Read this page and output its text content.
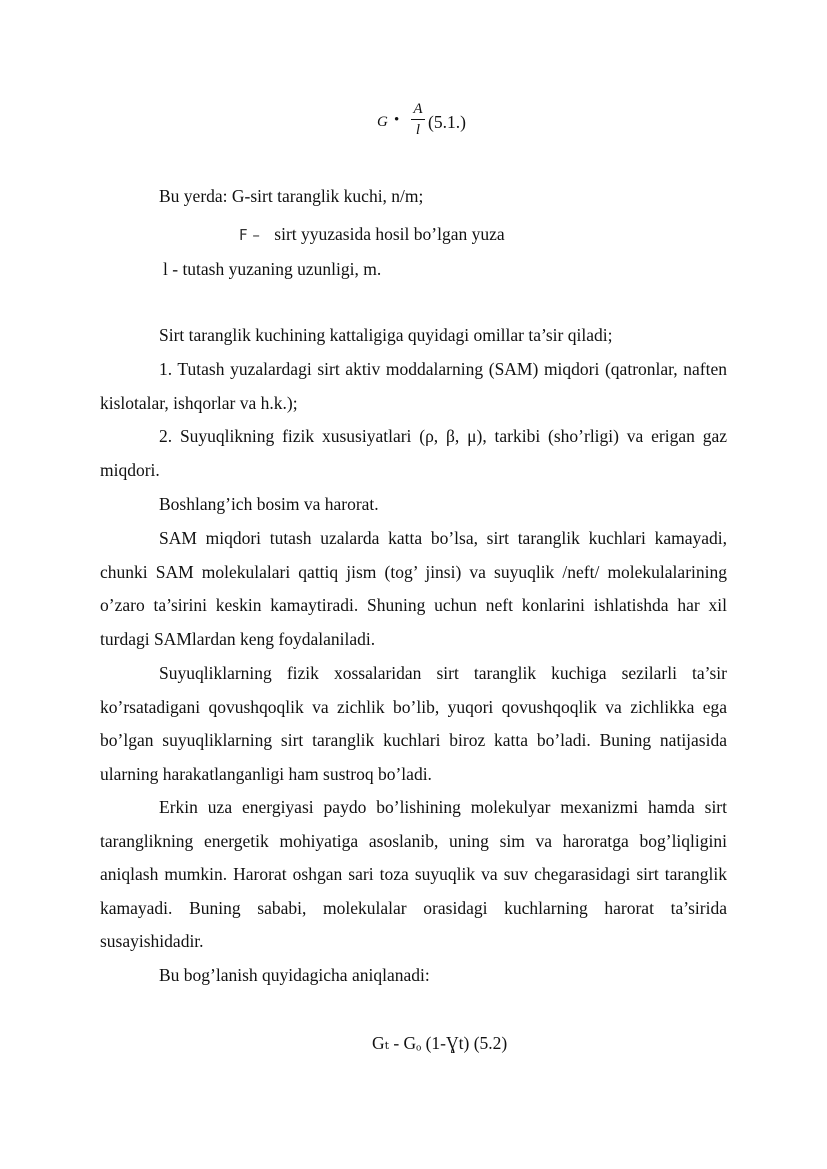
G •
A
l (5.1.)
Bu yerda: G-sirt taranglik kuchi, n/m;
F – sirt yyuzasida hosil bo’lgan yuza
l - tutash yuzaning uzunligi, m.
Sirt taranglik kuchining kattaligiga quyidagi omillar ta’sir qiladi;
1. Tutash yuzalardagi sirt aktiv moddalarning (SAM) miqdori (qatronlar, naften kislotalar, ishqorlar va h.k.);
2. Suyuqlikning fizik xususiyatlari (ρ, β, μ), tarkibi (sho’rligi) va erigan gaz miqdori.
Boshlang’ich bosim va harorat.
SAM miqdori tutash uzalarda katta bo’lsa, sirt taranglik kuchlari kamayadi, chunki SAM molekulalari qattiq jism (tog’ jinsi) va suyuqlik /neft/ molekulalarining o’zaro ta’sirini keskin kamaytiradi. Shuning uchun neft konlarini ishlatishda har xil turdagi SAMlardan keng foydalaniladi.
Suyuqliklarning fizik xossalaridan sirt taranglik kuchiga sezilarli ta’sir ko’rsatadigani qovushqoqlik va zichlik bo’lib, yuqori qovushqoqlik va zichlikka ega bo’lgan suyuqliklarning sirt taranglik kuchlari biroz katta bo’ladi. Buning natijasida ularning harakatlanganligi ham sustroq bo’ladi.
Erkin uza energiyasi paydo bo’lishining molekulyar mexanizmi hamda sirt taranglikning energetik mohiyatiga asoslanib, uning sim va haroratga bog’liqligini aniqlash mumkin. Harorat oshgan sari toza suyuqlik va suv chegarasidagi sirt taranglik kamayadi. Buning sababi, molekulalar orasidagi kuchlarning harorat ta’sirida susayishidadir.
Bu bog’lanish quyidagicha aniqlanadi:
Gₜ - Gₒ (1-Ɣt) (5.2)
